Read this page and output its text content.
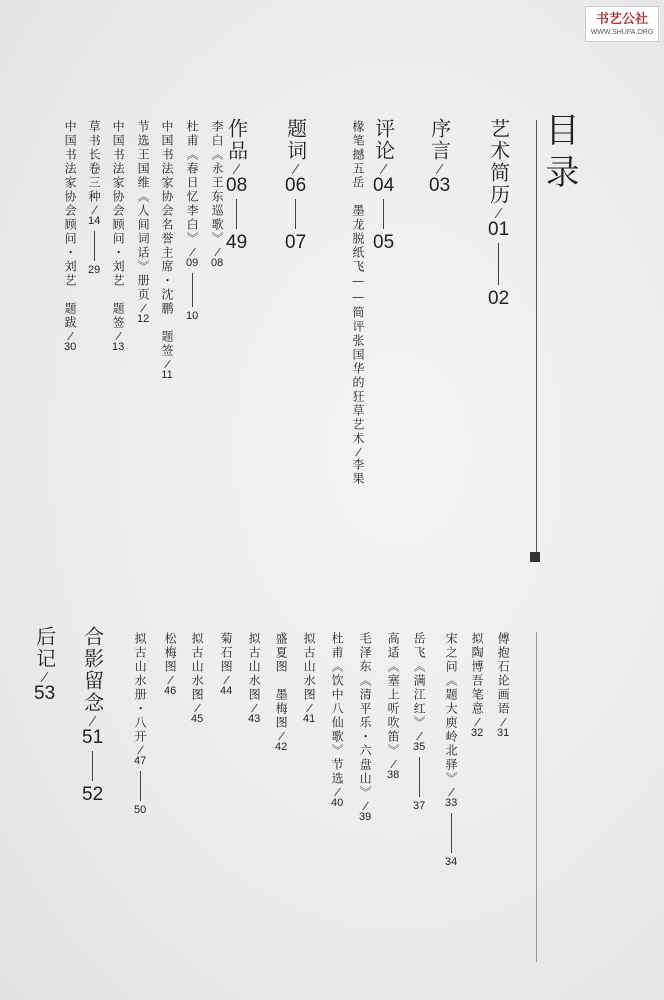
书艺公社
WWW.SHUFA.ORG
目录
艺术简历
01
02
序言
03
评论
04
05
椽笔撼五岳　墨龙脱纸飞——简评张国华的狂草艺术
李果
题词
06
07
作品
08
49
李白《永王东巡歌》
08
杜甫《春日忆李白》
09
10
中国书法家协会名誉主席・沈鹏　题签
11
节选王国维《人间词话》册页
12
中国书法家协会顾问・刘艺　题签
13
草书长卷三种
14
29
中国书法家协会顾问・刘艺　题跋
30
傅抱石论画语
31
拟陶博吾笔意
32
宋之问《题大庾岭北驿》
33
34
岳飞《满江红》
35
37
高适《塞上听吹笛》
38
毛泽东《清平乐・六盘山》
39
杜甫《饮中八仙歌》节选
40
拟古山水图
41
盛夏图　墨梅图
42
拟古山水图
43
菊石图
44
拟古山水图
45
松梅图
46
拟古山水册・八开
47
50
合影留念
51
52
后记
53
